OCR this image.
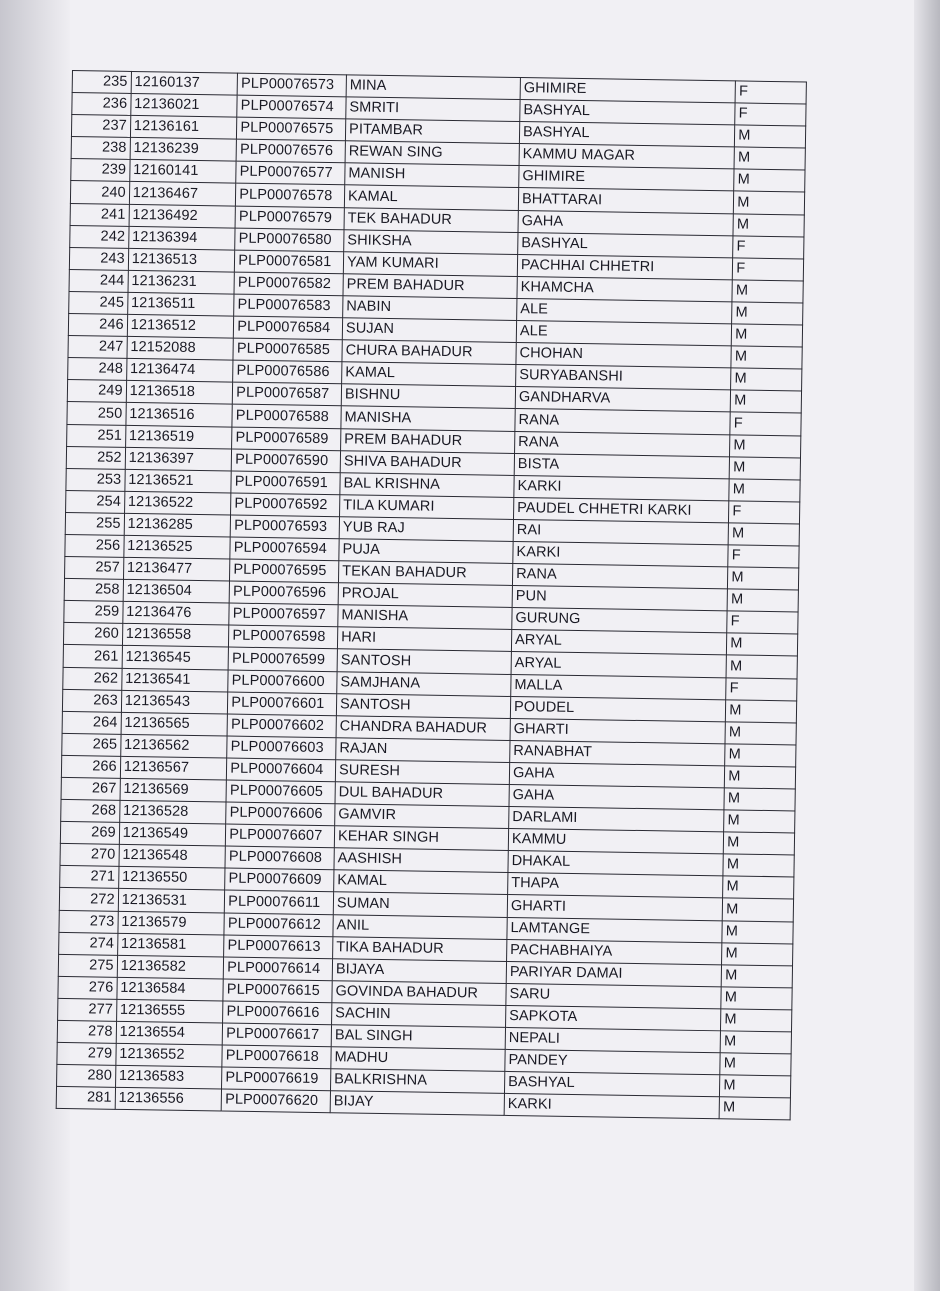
235	12160137	PLP00076573	MINA	GHIMIRE	F
236	12136021	PLP00076574	SMRITI	BASHYAL	F
237	12136161	PLP00076575	PITAMBAR	BASHYAL	M
238	12136239	PLP00076576	REWAN SING	KAMMU MAGAR	M
239	12160141	PLP00076577	MANISH	GHIMIRE	M
240	12136467	PLP00076578	KAMAL	BHATTARAI	M
241	12136492	PLP00076579	TEK BAHADUR	GAHA	M
242	12136394	PLP00076580	SHIKSHA	BASHYAL	F
243	12136513	PLP00076581	YAM KUMARI	PACHHAI CHHETRI	F
244	12136231	PLP00076582	PREM BAHADUR	KHAMCHA	M
245	12136511	PLP00076583	NABIN	ALE	M
246	12136512	PLP00076584	SUJAN	ALE	M
247	12152088	PLP00076585	CHURA BAHADUR	CHOHAN	M
248	12136474	PLP00076586	KAMAL	SURYABANSHI	M
249	12136518	PLP00076587	BISHNU	GANDHARVA	M
250	12136516	PLP00076588	MANISHA	RANA	F
251	12136519	PLP00076589	PREM BAHADUR	RANA	M
252	12136397	PLP00076590	SHIVA BAHADUR	BISTA	M
253	12136521	PLP00076591	BAL KRISHNA	KARKI	M
254	12136522	PLP00076592	TILA KUMARI	PAUDEL CHHETRI KARKI	F
255	12136285	PLP00076593	YUB RAJ	RAI	M
256	12136525	PLP00076594	PUJA	KARKI	F
257	12136477	PLP00076595	TEKAN BAHADUR	RANA	M
258	12136504	PLP00076596	PROJAL	PUN	M
259	12136476	PLP00076597	MANISHA	GURUNG	F
260	12136558	PLP00076598	HARI	ARYAL	M
261	12136545	PLP00076599	SANTOSH	ARYAL	M
262	12136541	PLP00076600	SAMJHANA	MALLA	F
263	12136543	PLP00076601	SANTOSH	POUDEL	M
264	12136565	PLP00076602	CHANDRA BAHADUR	GHARTI	M
265	12136562	PLP00076603	RAJAN	RANABHAT	M
266	12136567	PLP00076604	SURESH	GAHA	M
267	12136569	PLP00076605	DUL BAHADUR	GAHA	M
268	12136528	PLP00076606	GAMVIR	DARLAMI	M
269	12136549	PLP00076607	KEHAR SINGH	KAMMU	M
270	12136548	PLP00076608	AASHISH	DHAKAL	M
271	12136550	PLP00076609	KAMAL	THAPA	M
272	12136531	PLP00076611	SUMAN	GHARTI	M
273	12136579	PLP00076612	ANIL	LAMTANGE	M
274	12136581	PLP00076613	TIKA BAHADUR	PACHABHAIYA	M
275	12136582	PLP00076614	BIJAYA	PARIYAR DAMAI	M
276	12136584	PLP00076615	GOVINDA BAHADUR	SARU	M
277	12136555	PLP00076616	SACHIN	SAPKOTA	M
278	12136554	PLP00076617	BAL SINGH	NEPALI	M
279	12136552	PLP00076618	MADHU	PANDEY	M
280	12136583	PLP00076619	BALKRISHNA	BASHYAL	M
281	12136556	PLP00076620	BIJAY	KARKI	M
